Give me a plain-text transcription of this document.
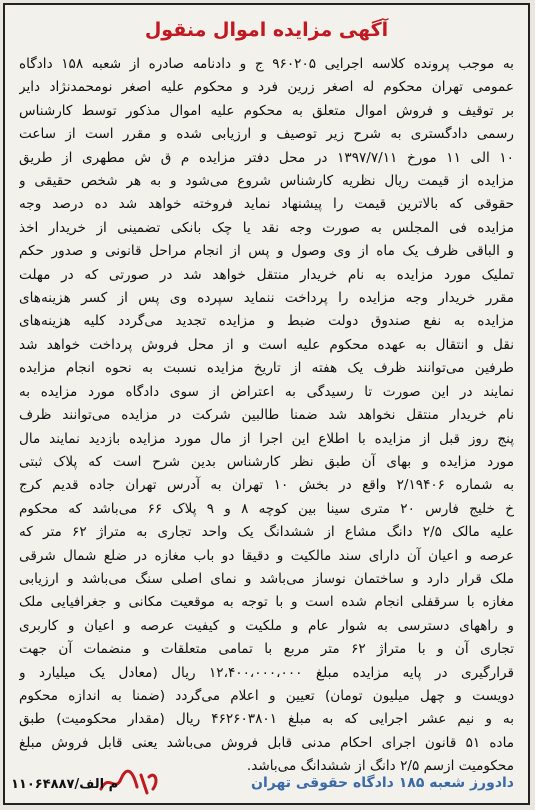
آگهی مزایده اموال منقول
به موجب پرونده کلاسه اجرایی ۹۶۰۲۰۵ ج و دادنامه صادره از شعبه ۱۵۸ دادگاه
عمومی تهران محکوم له اصغر زرین فرد و محکوم علیه اصغر نومحمدنژاد دایر
بر توقیف و فروش اموال متعلق به محکوم علیه اموال مذکور توسط کارشناس
رسمی دادگستری به شرح زیر توصیف و ارزیابی شده و مقرر است از ساعت
۱۰ الی ۱۱ مورخ ۱۳۹۷/۷/۱۱ در محل دفتر مزایده م ق ش مطهری از طریق
مزایده از قیمت ریال نظریه کارشناس شروع می‌شود و به هر شخص حقیقی و
حقوقی که بالاترین قیمت را پیشنهاد نماید فروخته خواهد شد ده درصد وجه
مزایده فی المجلس به صورت وجه نقد یا چک بانکی تضمینی از خریدار اخذ
و الباقی ظرف یک ماه از وی وصول و پس از انجام مراحل قانونی و صدور حکم
تملیک مورد مزایده به نام خریدار منتقل خواهد شد در صورتی که در مهلت
مقرر خریدار وجه مزایده را پرداخت ننماید سپرده وی پس از کسر هزینه‌های
مزایده به نفع صندوق دولت ضبط و مزایده تجدید می‌گردد کلیه هزینه‌های
نقل و انتقال به عهده محکوم علیه است و از محل فروش پرداخت خواهد شد
طرفین می‌توانند ظرف یک هفته از تاریخ مزایده نسبت به نحوه انجام مزایده
نمایند در این صورت تا رسیدگی به اعتراض از سوی دادگاه مورد مزایده به
نام خریدار منتقل نخواهد شد ضمنا طالبین شرکت در مزایده می‌توانند ظرف
پنج روز قبل از مزایده با اطلاع این اجرا از مال مورد مزایده بازدید نمایند مال
مورد مزایده و بهای آن طبق نظر کارشناس بدین شرح است که پلاک ثبتی
به شماره ۲/۱۹۴۰۶ واقع در بخش ۱۰ تهران به آدرس تهران جاده قدیم کرج
خ خلیج فارس ۲۰ متری سینا بین کوچه ۸ و ۹ پلاک ۶۶ می‌باشد که محکوم
علیه مالک ۲/۵ دانگ مشاع از ششدانگ یک واحد تجاری به متراژ ۶۲ متر که
عرصه و اعیان آن دارای سند مالکیت و دقیقا دو باب مغازه در ضلع شمال شرقی
ملک قرار دارد و ساختمان نوساز می‌باشد و نمای اصلی سنگ می‌باشد و ارزیابی
مغازه با سرقفلی انجام شده است و با توجه به موقعیت مکانی و جغرافیایی ملک
و راههای دسترسی به شوار عام و ملکیت و کیفیت عرصه و اعیان و کاربری
تجاری آن و با متراژ ۶۲ متر مربع با تمامی متعلقات و منضمات آن جهت
قرارگیری در پایه مزایده مبلغ ۱۲،۴۰۰،۰۰۰،۰۰۰ ریال (معادل یک میلیارد و
دویست و چهل میلیون تومان) تعیین و اعلام می‌گردد (ضمنا به اندازه محکوم
به و نیم عشر اجرایی که به مبلغ ۴۶۲۶۰۳۸۰۱ ریال (مقدار محکومیت) طبق
ماده ۵۱ قانون اجرای احکام مدنی قابل فروش می‌باشد یعنی قابل فروش مبلغ
محکومیت ازسم ۲/۵ دانگ از ششدانگ می‌باشد.
دادورز شعبه ۱۸۵ دادگاه حقوقی تهران
م الف/۱۱۰۶۴۸۸۷
